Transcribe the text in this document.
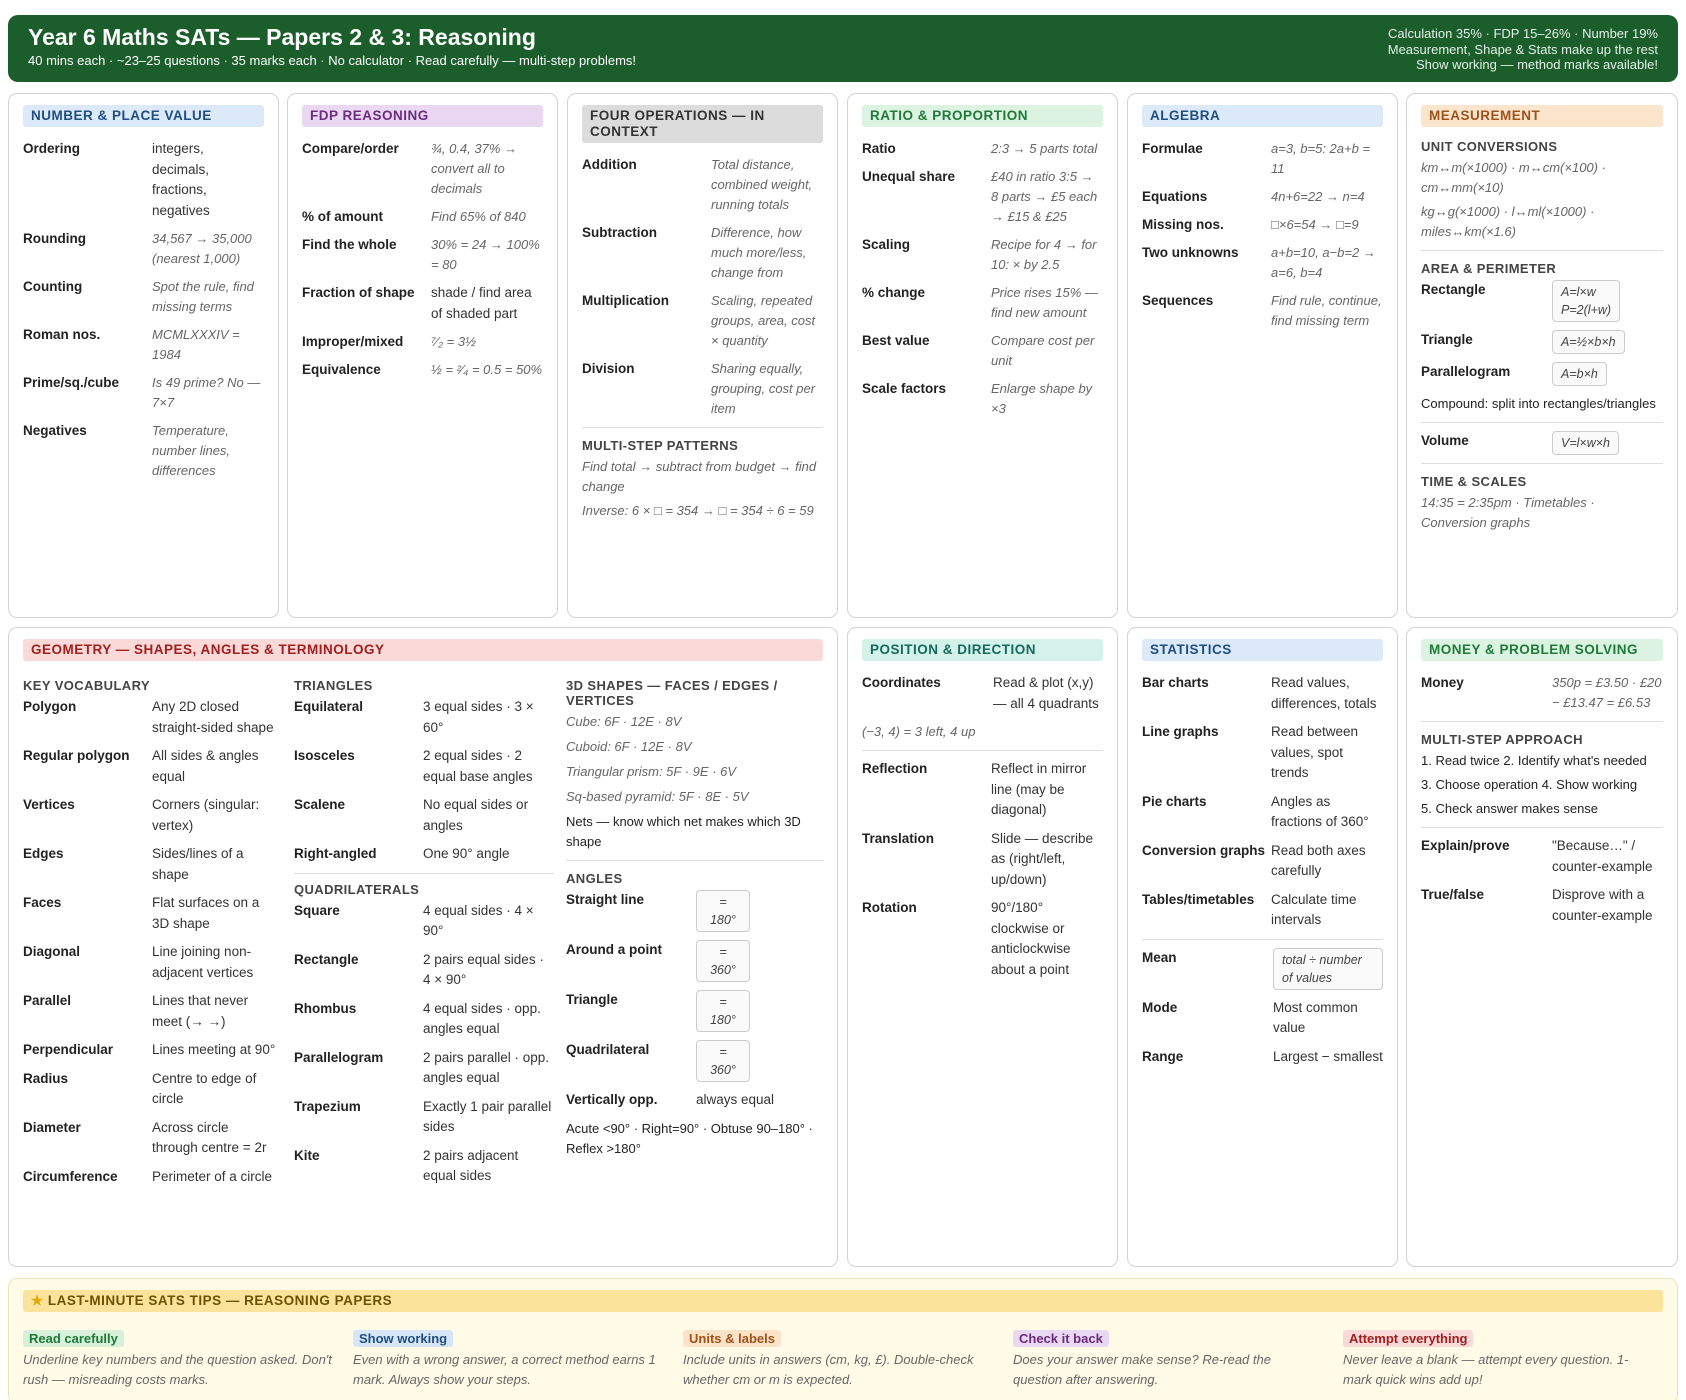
Year 6 Maths SATs — Papers 2 & 3: Reasoning
40 mins each · ~23–25 questions · 35 marks each · No calculator · Read carefully — multi-step problems!
Calculation 35% · FDP 15–26% · Number 19%
Measurement, Shape & Stats make up the rest
Show working — method marks available!
NUMBER & PLACE VALUE
Ordering	integers, decimals, fractions, negatives
Rounding	34,567 → 35,000 (nearest 1,000)
Counting	Spot the rule, find missing terms
Roman nos.	MCMLXXXIV = 1984
Prime/sq./cube	Is 49 prime? No — 7×7
Negatives	Temperature, number lines, differences
FDP REASONING
Compare/order	¾, 0.4, 37% → convert all to decimals
% of amount	Find 65% of 840
Find the whole	30% = 24 → 100% = 80
Fraction of shape	shade / find area of shaded part
Improper/mixed	⁷⁄₂ = 3½
Equivalence	½ = ²⁄₄ = 0.5 = 50%
FOUR OPERATIONS — IN CONTEXT
Addition	Total distance, combined weight, running totals
Subtraction	Difference, how much more/less, change from
Multiplication	Scaling, repeated groups, area, cost × quantity
Division	Sharing equally, grouping, cost per item
MULTI-STEP PATTERNS
Find total → subtract from budget → find change
Inverse: 6 × □ = 354 → □ = 354 ÷ 6 = 59
RATIO & PROPORTION
Ratio	2:3 → 5 parts total
Unequal share	£40 in ratio 3:5 → 8 parts → £5 each → £15 & £25
Scaling	Recipe for 4 → for 10: × by 2.5
% change	Price rises 15% — find new amount
Best value	Compare cost per unit
Scale factors	Enlarge shape by ×3
ALGEBRA
Formulae	a=3, b=5: 2a+b = 11
Equations	4n+6=22 → n=4
Missing nos.	□×6=54 → □=9
Two unknowns	a+b=10, a−b=2 → a=6, b=4
Sequences	Find rule, continue, find missing term
MEASUREMENT
UNIT CONVERSIONS
km↔m(×1000) · m↔cm(×100) · cm↔mm(×10)
kg↔g(×1000) · l↔ml(×1000) · miles↔km(×1.6)
AREA & PERIMETER
Rectangle	A=l×w
P=2(l+w)
Triangle	A=½×b×h
Parallelogram	A=b×h
Compound: split into rectangles/triangles
Volume	V=l×w×h
TIME & SCALES
14:35 = 2:35pm · Timetables · Conversion graphs
GEOMETRY — SHAPES, ANGLES & TERMINOLOGY
KEY VOCABULARY
Polygon	Any 2D closed straight-sided shape
Regular polygon	All sides & angles equal
Vertices	Corners (singular: vertex)
Edges	Sides/lines of a shape
Faces	Flat surfaces on a 3D shape
Diagonal	Line joining non-adjacent vertices
Parallel	Lines that never meet (→ →)
Perpendicular	Lines meeting at 90°
Radius	Centre to edge of circle
Diameter	Across circle through centre = 2r
Circumference	Perimeter of a circle
TRIANGLES
Equilateral	3 equal sides · 3 × 60°
Isosceles	2 equal sides · 2 equal base angles
Scalene	No equal sides or angles
Right-angled	One 90° angle
QUADRILATERALS
Square	4 equal sides · 4 × 90°
Rectangle	2 pairs equal sides · 4 × 90°
Rhombus	4 equal sides · opp. angles equal
Parallelogram	2 pairs parallel · opp. angles equal
Trapezium	Exactly 1 pair parallel sides
Kite	2 pairs adjacent equal sides
3D SHAPES — FACES / EDGES / VERTICES
Cube: 6F · 12E · 8V
Cuboid: 6F · 12E · 8V
Triangular prism: 5F · 9E · 6V
Sq-based pyramid: 5F · 8E · 5V
Nets — know which net makes which 3D shape
ANGLES
Straight line	= 180°
Around a point	= 360°
Triangle	= 180°
Quadrilateral	= 360°
Vertically opp.	always equal
Acute <90° · Right=90° · Obtuse 90–180° · Reflex >180°
POSITION & DIRECTION
Coordinates	Read & plot (x,y) — all 4 quadrants
(−3, 4) = 3 left, 4 up
Reflection	Reflect in mirror line (may be diagonal)
Translation	Slide — describe as (right/left, up/down)
Rotation	90°/180° clockwise or anticlockwise about a point
STATISTICS
Bar charts	Read values, differences, totals
Line graphs	Read between values, spot trends
Pie charts	Angles as fractions of 360°
Conversion graphs Read both axes carefully
Tables/timetables	Calculate time intervals
Mean	total ÷ number of values
Mode	Most common value
Range	Largest − smallest
MONEY & PROBLEM SOLVING
Money	350p = £3.50 · £20 − £13.47 = £6.53
MULTI-STEP APPROACH
1. Read twice 2. Identify what's needed
3. Choose operation 4. Show working
5. Check answer makes sense
Explain/prove	"Because…" / counter-example
True/false	Disprove with a counter-example
★ LAST-MINUTE SATS TIPS — REASONING PAPERS
Read carefully
Underline key numbers and the question asked. Don't rush — misreading costs marks.
Show working
Even with a wrong answer, a correct method earns 1 mark. Always show your steps.
Units & labels
Include units in answers (cm, kg, £). Double-check whether cm or m is expected.
Check it back
Does your answer make sense? Re-read the question after answering.
Attempt everything
Never leave a blank — attempt every question. 1-mark quick wins add up!
